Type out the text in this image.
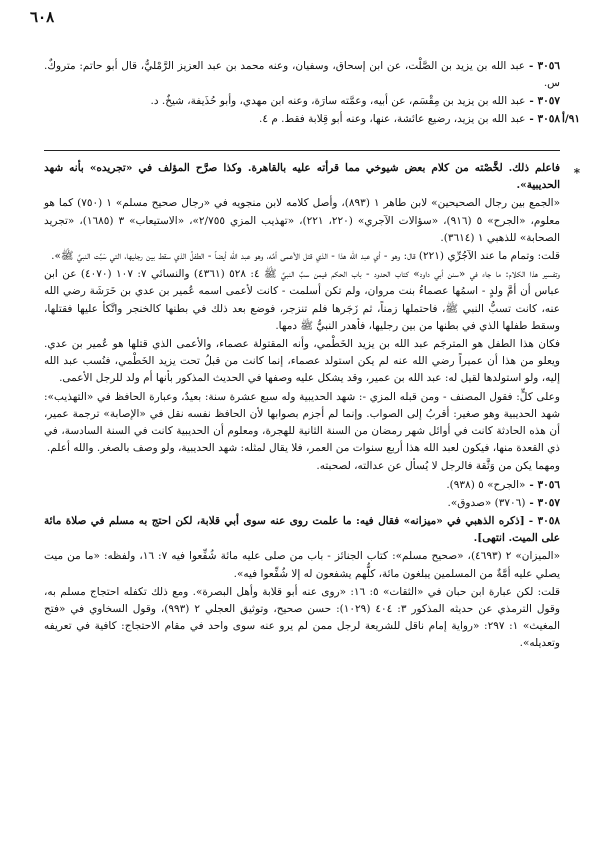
٦٠٨
٣٠٥٦ -عبد الله بن يزيد بن الصَّلْت، عن ابن إسحاق، وسفيان، وعنه محمد بن عبد العزيز الرَّمْليُّ، قال أبو حاتم: متروكٌ. س.
٣٠٥٧ -عبد الله بن يزيد بن مِقْسَم، عن أبيه، وعمَّته سارَة، وعنه ابن مهدي، وأبو حُذَيفة، شيخٌ. د.
٩١/أ
٣٠٥٨ -عبد الله بن يزيد، رضيع عائشة، عنها، وعنه أبو قِلابة فقط. م ٤.
*

فاعلم ذلك. لخَّصْته من كلام بعض شيوخي مما قرأته عليه بالقاهرة. وكذا صرَّح المؤلف في «تجريده» بأنه شهد الحديبية».

«الجمع بين رجال الصحيحين» لابن طاهر ١ (٨٩٣)، وأصل كلامه لابن منجويه في «رجال صحيح مسلم» ١ (٧٥٠) كما هو معلوم، «الجرح» ٥ (٩١٦)، «سؤالات الآجري» (٢٢٠، ٢٢١)، «تهذيب المزي ٢/٧٥٥»، «الاستيعاب» ٣ (١٦٨٥)، «تجريد الصحابة» للذهبي ١ (٣٦١٤).

قلت: وتمام ما عند الآجُرِّي (٢٢١) قال: وهو - أي عبد الله هذا - الذي قتل الأعمى أمَّه، وهو عبد الله أيضاً - الطفلُ الذي سقط بين رجليها، التي سَبَّت النبيَّ ﷺ».

وتفسير هذا الكلام: ما جاء في «سنن أبي داود» كتاب الحدود - باب الحكم فيمن سبَّ النبيَّ ﷺ ٤: ٥٢٨ (٤٣٦١) والنسائي ٧: ١٠٧ (٤٠٧٠) عن ابن عباس أن أمَّ ولدٍ - اسمُها عصماءُ بنت مروان، ولم تكن أسلمت - كانت لأعمى اسمه عُمير بن عدي بن خَرَشَة رضي الله عنه، كانت تسبُّ النبي ﷺ، فاحتملها زمناً، ثم زَجَرها فلم تنزجر، فوضع بعد ذلك في بطنها كالخنجر واتَّكأ عليها فقتلها، وسقط طفلها الذي في بطنها من بين رجليها، فأهدر النبيُّ ﷺ دمها.

فكان هذا الطفل هو المترجَم عبد الله بن يزيد الخَطْمي، وأنه المقتولة عصماء، والأعمى الذي قتلها هو عُمير بن عدي. ويعلو من هذا أن عميراً رضي الله عنه لم يكن استولد عصماء، إنما كانت من قبلُ تحت يزيد الخَطْمي، فنُسب عبد الله إليه، ولو استولدها لقيل له: عبد الله بن عمير، وقد يشكل عليه وصفها في الحديث المذكور بأنها أم ولد للرجل الأعمى.

وعلى كلٍّ: فقول المصنف - ومن قبله المزي -: شهد الحديبية وله سبع عشرة سنة: بعيدٌ، وعبارة الحافظ في «التهذيب»: شهد الحديبية وهو صغير: أقربُ إلى الصواب. وإنما لم أجزم بصوابها لأن الحافظ نفسه نقل في «الإصابة» ترجمة عمير، أن هذه الحادثة كانت في أوائل شهر رمضان من السنة الثانية للهجرة، ومعلوم أن الحديبية كانت في السنة السادسة، في ذي القعدة منها، فيكون لعبد الله هذا أربع سنوات من العمر، فلا يقال لمثله: شهد الحديبية، ولو وصف بالصغر. والله أعلم.

ومهما يكن من وَثَّقة فالرجل لا يُسأل عن عدالته، لصحبته.

٣٠٥٦ -«الجرح» ٥ (٩٣٨).

٣٠٥٧ -(٣٧٠٦) «صدوق».

٣٠٥٨ -[ذكره الذهبي في «ميزانه» فقال فيه: ما علمت روى عنه سوى أبي قلابة، لكن احتج به مسلم في صلاة مائة على الميت. انتهى].

«الميزان» ٢ (٤٦٩٣)، «صحيح مسلم»: كتاب الجنائز - باب من صلى عليه مائة شُفِّعوا فيه ٧: ١٦، ولفظه: «ما من ميت يصلي عليه أمَّةٌ من المسلمين يبلغون مائة، كلُّهم يشفعون له إلا شُفِّعوا فيه».

قلت: لكن عبارة ابن حبان في «الثقات» ٥: ١٦: «روى عنه أبو قلابة وأهل البصرة». ومع ذلك تكفله احتجاج مسلم به، وقول الترمذي عن حديثه المذكور ٣: ٤٠٤ (١٠٢٩): حسن صحيح، وتوثيق العجلي ٢ (٩٩٣)، وقول السخاوي في «فتح المغيث» ١: ٢٩٧: «رواية إمام ناقل للشريعة لرجل ممن لم يرو عنه سوى واحد في مقام الاحتجاج: كافية في تعريفه وتعديله».
